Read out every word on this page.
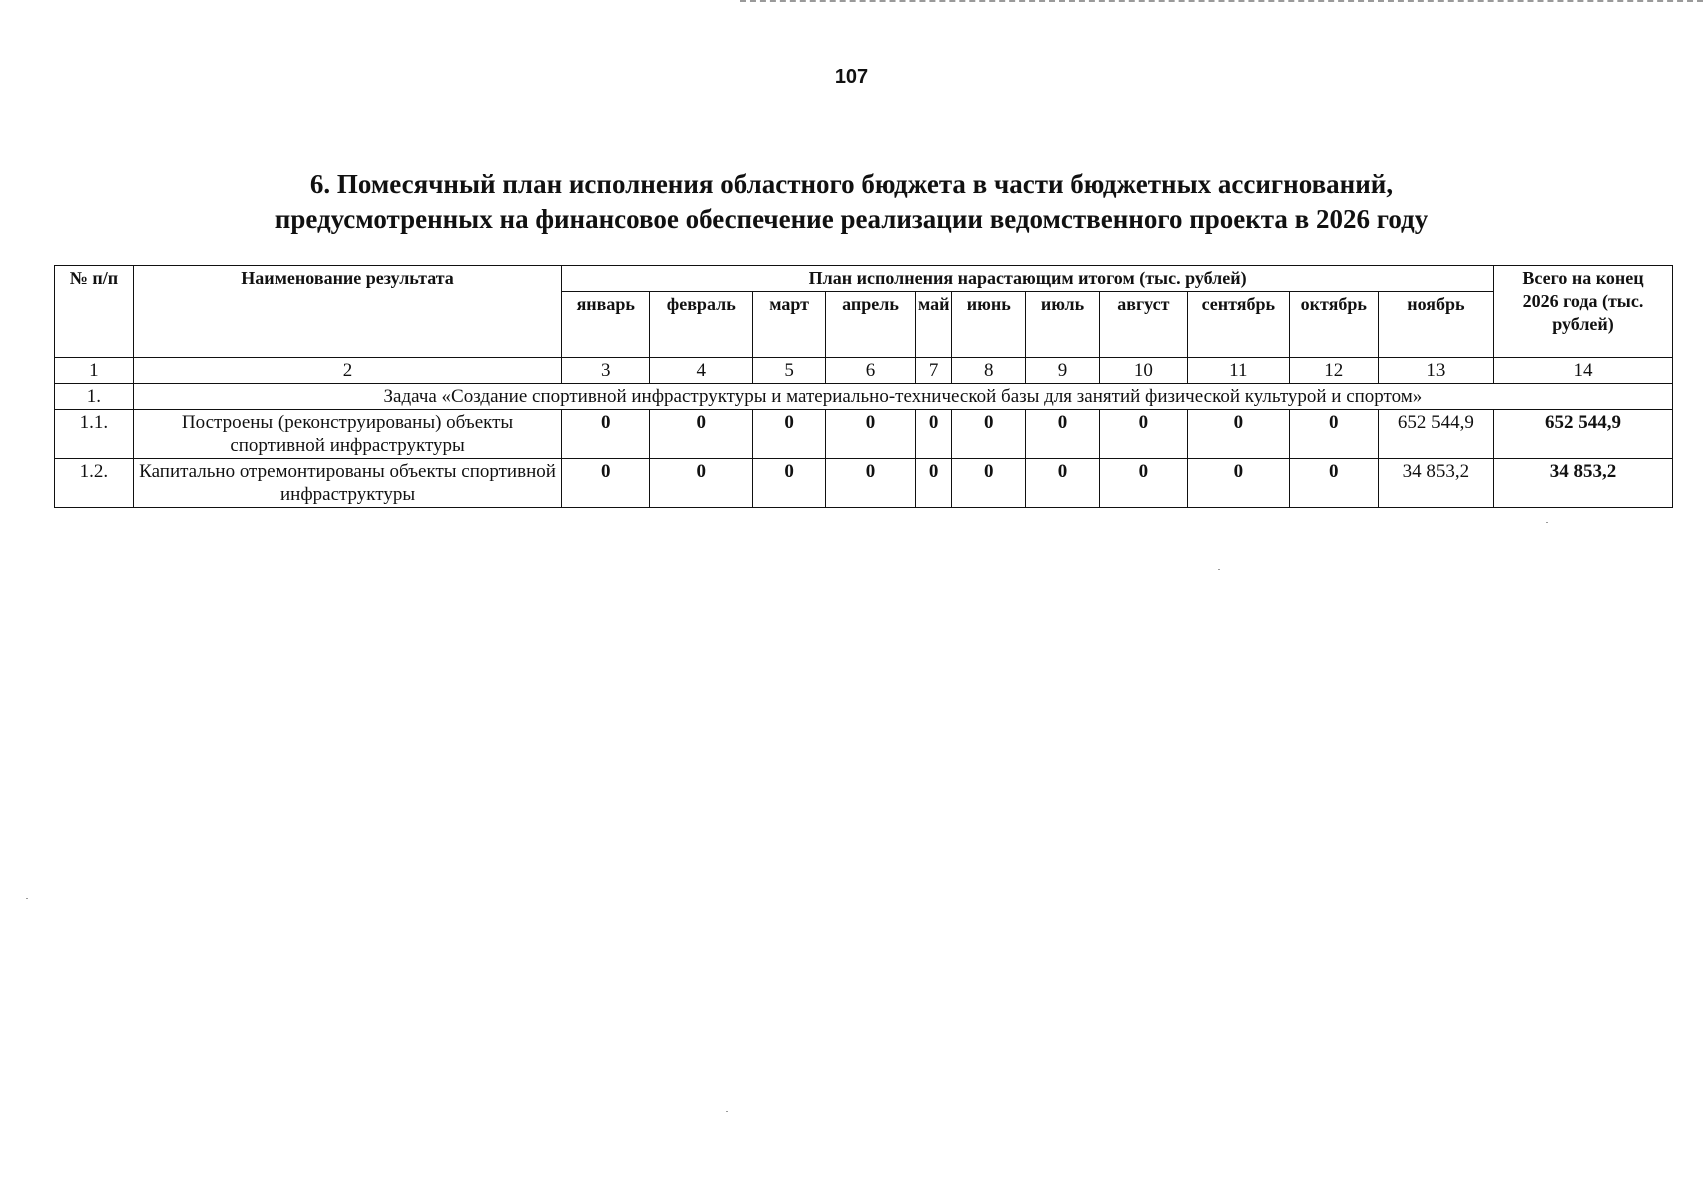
107
6. Помесячный план исполнения областного бюджета в части бюджетных ассигнований,
предусмотренных на финансовое обеспечение реализации ведомственного проекта в 2026 году
№ п/п	Наименование результата	План исполнения нарастающим итогом (тыс. рублей)											Всего на конец 2026 года (тыс. рублей)
		январь	февраль	март	апрель	май	июнь	июль	август	сентябрь	октябрь	ноябрь	
1	2	3	4	5	6	7	8	9	10	11	12	13	14
1.	Задача «Создание спортивной инфраструктуры и материально-технической базы для занятий физической культурой и спортом»												
1.1.	Построены (реконструированы) объекты спортивной инфраструктуры	0	0	0	0	0	0	0	0	0	0	652 544,9	652 544,9
1.2.	Капитально отремонтированы объекты спортивной инфраструктуры	0	0	0	0	0	0	0	0	0	0	34 853,2	34 853,2
